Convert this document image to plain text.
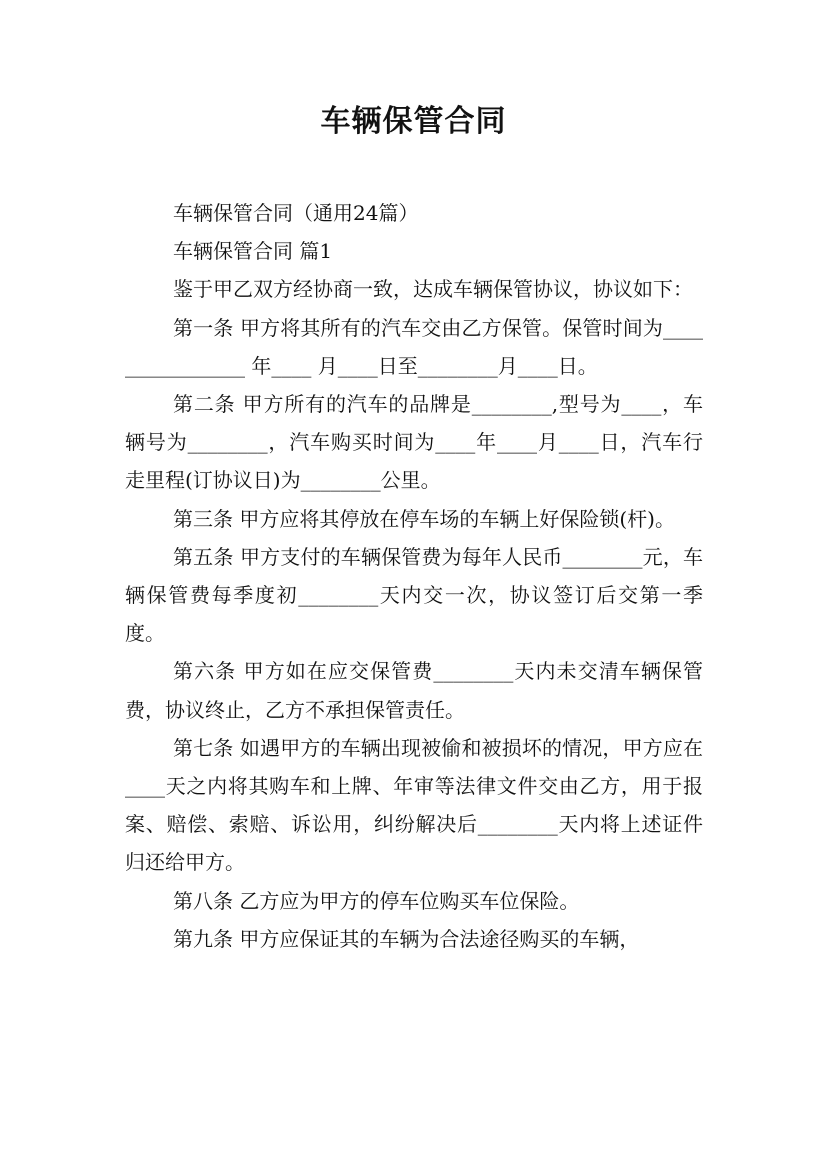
车辆保管合同

车辆保管合同（通用24篇）

车辆保管合同 篇1

鉴于甲乙双方经协商一致，达成车辆保管协议，协议如下：

第一条 甲方将其所有的汽车交由乙方保管。保管时间为________________ 年____ 月____日至________月____日。

第二条 甲方所有的汽车的品牌是________,型号为____，车辆号为________，汽车购买时间为____年____月____日，汽车行走里程(订协议日)为________公里。

第三条 甲方应将其停放在停车场的车辆上好保险锁(杆)。

第五条 甲方支付的车辆保管费为每年人民币________元，车辆保管费每季度初________天内交一次，协议签订后交第一季度。

第六条 甲方如在应交保管费________天内未交清车辆保管费，协议终止，乙方不承担保管责任。

第七条 如遇甲方的车辆出现被偷和被损坏的情况，甲方应在____天之内将其购车和上牌、年审等法律文件交由乙方，用于报案、赔偿、索赔、诉讼用，纠纷解决后________天内将上述证件归还给甲方。

第八条 乙方应为甲方的停车位购买车位保险。

第九条 甲方应保证其的车辆为合法途径购买的车辆，
